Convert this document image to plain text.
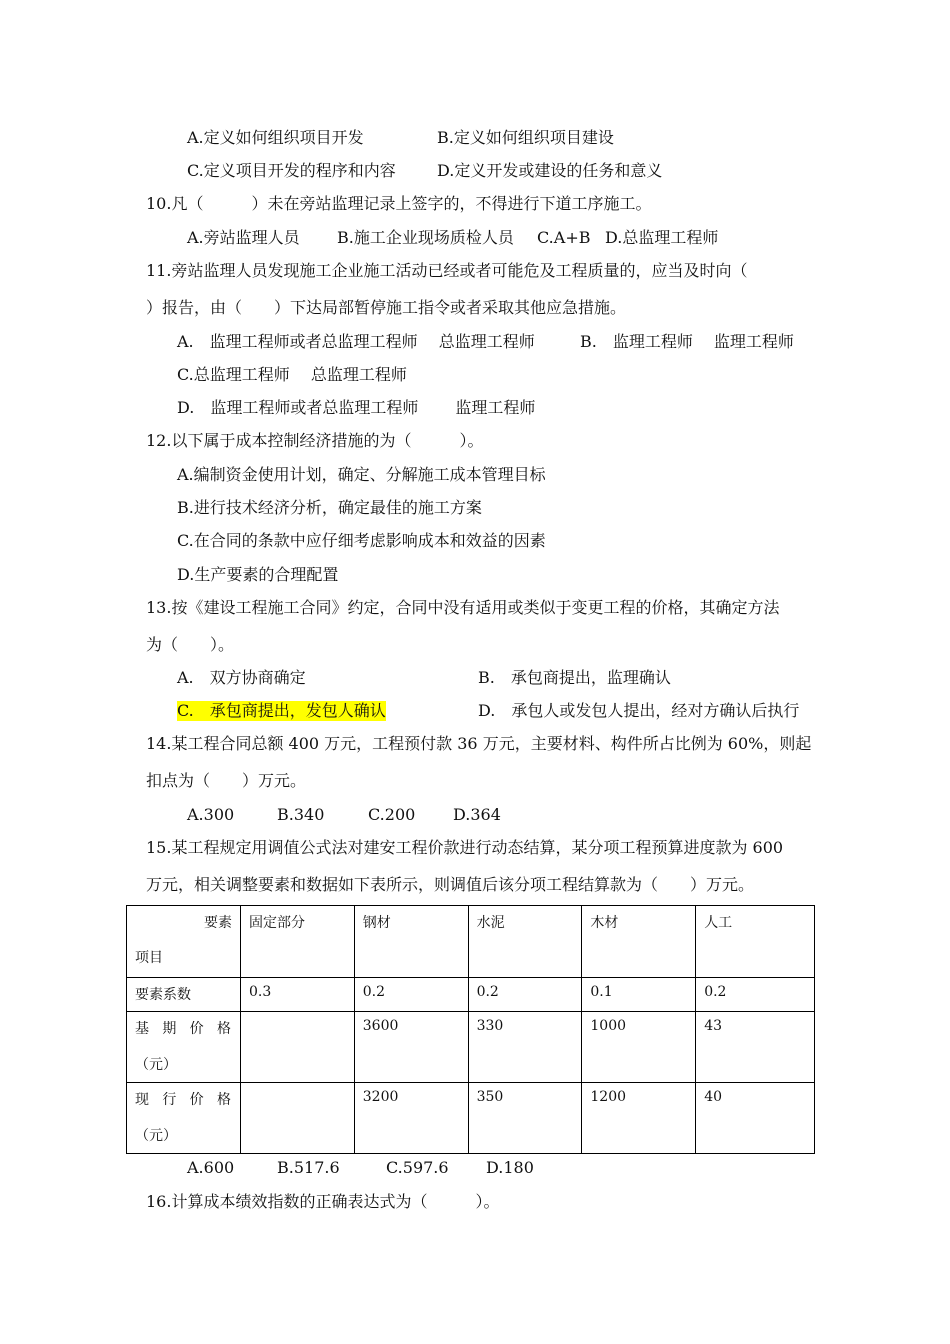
A.定义如何组织项目开发	B.定义如何组织项目建设
C.定义项目开发的程序和内容	D.定义开发或建设的任务和意义
10.凡（　　　）未在旁站监理记录上签字的，不得进行下道工序施工。
A.旁站监理人员 B.施工企业现场质检人员 C.A+B D.总监理工程师
11.旁站监理人员发现施工企业施工活动已经或者可能危及工程质量的，应当及时向（
）报告，由（　　）下达局部暂停施工指令或者采取其他应急措施。
A.　监理工程师或者总监理工程师　 总监理工程师	B.　监理工程师　 监理工程师
C.总监理工程师　 总监理工程师
D.　监理工程师或者总监理工程师　　 监理工程师
12.以下属于成本控制经济措施的为（　　　）。
A.编制资金使用计划，确定、分解施工成本管理目标
B.进行技术经济分析，确定最佳的施工方案
C.在合同的条款中应仔细考虑影响成本和效益的因素
D.生产要素的合理配置
13.按《建设工程施工合同》约定，合同中没有适用或类似于变更工程的价格，其确定方法
为（　　）。
A.　双方协商确定	B.　承包商提出，监理确认
C.　承包商提出，发包人确认	D.　承包人或发包人提出，经对方确认后执行
14.某工程合同总额 400 万元，工程预付款 36 万元，主要材料、构件所占比例为 60%，则起
扣点为（　　）万元。
A.300	B.340	C.200 D.364
15.某工程规定用调值公式法对建安工程价款进行动态结算，某分项工程预算进度款为 600
万元，相关调整要素和数据如下表所示，则调值后该分项工程结算款为（　　）万元。
要素
项目	固定部分	钢材	水泥	木材	人工
要素系数	0.3	0.2	0.2	0.1	0.2

基 期 价 格
（元）		3600	330	1000	43

现 行 价 格
（元）		3200	350	1200	40
A.600	B.517.6	C.597.6 D.180
16.计算成本绩效指数的正确表达式为（　　　）。
